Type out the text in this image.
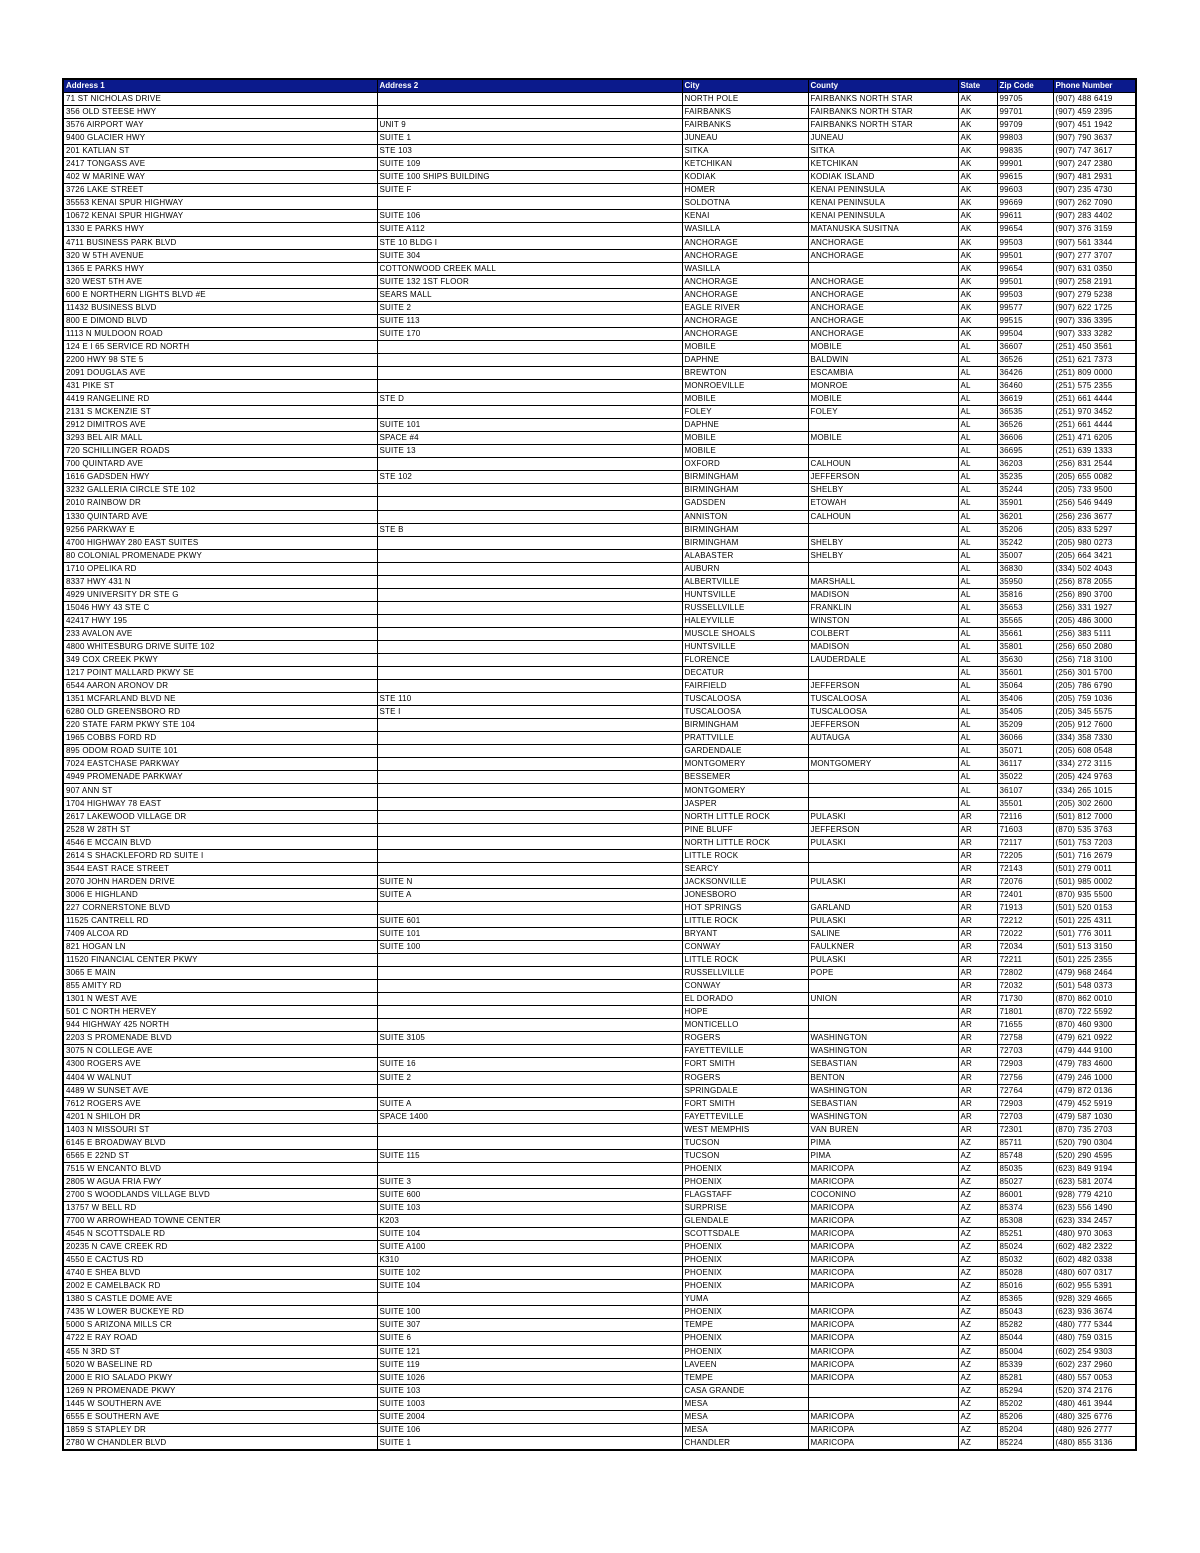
Address 1	Address 2	City	County	State	Zip Code	Phone Number
71 ST NICHOLAS DRIVE		NORTH POLE	FAIRBANKS NORTH STAR	AK	99705	(907) 488 6419
356 OLD STEESE HWY		FAIRBANKS	FAIRBANKS NORTH STAR	AK	99701	(907) 459 2395
3576 AIRPORT WAY	UNIT 9	FAIRBANKS	FAIRBANKS NORTH STAR	AK	99709	(907) 451 1942
9400 GLACIER HWY	SUITE 1	JUNEAU	JUNEAU	AK	99803	(907) 790 3637
201 KATLIAN ST	STE 103	SITKA	SITKA	AK	99835	(907) 747 3617
2417 TONGASS AVE	SUITE 109	KETCHIKAN	KETCHIKAN	AK	99901	(907) 247 2380
402 W MARINE WAY	SUITE 100 SHIPS BUILDING	KODIAK	KODIAK ISLAND	AK	99615	(907) 481 2931
3726 LAKE STREET	SUITE F	HOMER	KENAI PENINSULA	AK	99603	(907) 235 4730
35553 KENAI SPUR HIGHWAY		SOLDOTNA	KENAI PENINSULA	AK	99669	(907) 262 7090
10672 KENAI SPUR HIGHWAY	SUITE 106	KENAI	KENAI PENINSULA	AK	99611	(907) 283 4402
1330 E PARKS HWY	SUITE A112	WASILLA	MATANUSKA SUSITNA	AK	99654	(907) 376 3159
4711 BUSINESS PARK BLVD	STE 10 BLDG I	ANCHORAGE	ANCHORAGE	AK	99503	(907) 561 3344
320 W 5TH AVENUE	SUITE 304	ANCHORAGE	ANCHORAGE	AK	99501	(907) 277 3707
1365 E PARKS HWY	COTTONWOOD CREEK MALL	WASILLA		AK	99654	(907) 631 0350
320 WEST 5TH AVE	SUITE 132 1ST FLOOR	ANCHORAGE	ANCHORAGE	AK	99501	(907) 258 2191
600 E NORTHERN LIGHTS BLVD #E	SEARS MALL	ANCHORAGE	ANCHORAGE	AK	99503	(907) 279 5238
11432 BUSINESS BLVD	SUITE 2	EAGLE RIVER	ANCHORAGE	AK	99577	(907) 622 1725
800 E DIMOND BLVD	SUITE 113	ANCHORAGE	ANCHORAGE	AK	99515	(907) 336 3395
1113 N MULDOON ROAD	SUITE 170	ANCHORAGE	ANCHORAGE	AK	99504	(907) 333 3282
124 E I 65 SERVICE RD NORTH		MOBILE	MOBILE	AL	36607	(251) 450 3561
2200 HWY 98 STE 5		DAPHNE	BALDWIN	AL	36526	(251) 621 7373
2091 DOUGLAS AVE		BREWTON	ESCAMBIA	AL	36426	(251) 809 0000
431 PIKE ST		MONROEVILLE	MONROE	AL	36460	(251) 575 2355
4419 RANGELINE RD	STE D	MOBILE	MOBILE	AL	36619	(251) 661 4444
2131 S MCKENZIE ST		FOLEY	FOLEY	AL	36535	(251) 970 3452
2912 DIMITROS AVE	SUITE 101	DAPHNE		AL	36526	(251) 661 4444
3293 BEL AIR MALL	SPACE #4	MOBILE	MOBILE	AL	36606	(251) 471 6205
720 SCHILLINGER ROADS	SUITE 13	MOBILE		AL	36695	(251) 639 1333
700 QUINTARD AVE		OXFORD	CALHOUN	AL	36203	(256) 831 2544
1616 GADSDEN HWY	STE 102	BIRMINGHAM	JEFFERSON	AL	35235	(205) 655 0082
3232 GALLERIA CIRCLE STE 102		BIRMINGHAM	SHELBY	AL	35244	(205) 733 9500
2010 RAINBOW DR		GADSDEN	ETOWAH	AL	35901	(256) 546 9449
1330 QUINTARD AVE		ANNISTON	CALHOUN	AL	36201	(256) 236 3677
9256 PARKWAY E	STE B	BIRMINGHAM		AL	35206	(205) 833 5297
4700 HIGHWAY 280 EAST SUITES		BIRMINGHAM	SHELBY	AL	35242	(205) 980 0273
80 COLONIAL PROMENADE PKWY		ALABASTER	SHELBY	AL	35007	(205) 664 3421
1710 OPELIKA RD		AUBURN		AL	36830	(334) 502 4043
8337 HWY 431 N		ALBERTVILLE	MARSHALL	AL	35950	(256) 878 2055
4929 UNIVERSITY DR STE G		HUNTSVILLE	MADISON	AL	35816	(256) 890 3700
15046 HWY 43 STE C		RUSSELLVILLE	FRANKLIN	AL	35653	(256) 331 1927
42417 HWY 195		HALEYVILLE	WINSTON	AL	35565	(205) 486 3000
233 AVALON AVE		MUSCLE SHOALS	COLBERT	AL	35661	(256) 383 5111
4800 WHITESBURG DRIVE SUITE 102		HUNTSVILLE	MADISON	AL	35801	(256) 650 2080
349 COX CREEK PKWY		FLORENCE	LAUDERDALE	AL	35630	(256) 718 3100
1217 POINT MALLARD PKWY SE		DECATUR		AL	35601	(256) 301 5700
6544 AARON ARONOV DR		FAIRFIELD	JEFFERSON	AL	35064	(205) 786 6790
1351 MCFARLAND BLVD NE	STE 110	TUSCALOOSA	TUSCALOOSA	AL	35406	(205) 759 1036
6280 OLD GREENSBORO RD	STE I	TUSCALOOSA	TUSCALOOSA	AL	35405	(205) 345 5575
220 STATE FARM PKWY STE 104		BIRMINGHAM	JEFFERSON	AL	35209	(205) 912 7600
1965 COBBS FORD RD		PRATTVILLE	AUTAUGA	AL	36066	(334) 358 7330
895 ODOM ROAD SUITE 101		GARDENDALE		AL	35071	(205) 608 0548
7024 EASTCHASE PARKWAY		MONTGOMERY	MONTGOMERY	AL	36117	(334) 272 3115
4949 PROMENADE PARKWAY		BESSEMER		AL	35022	(205) 424 9763
907 ANN ST		MONTGOMERY		AL	36107	(334) 265 1015
1704 HIGHWAY 78 EAST		JASPER		AL	35501	(205) 302 2600
2617 LAKEWOOD VILLAGE DR		NORTH LITTLE ROCK	PULASKI	AR	72116	(501) 812 7000
2528 W 28TH ST		PINE BLUFF	JEFFERSON	AR	71603	(870) 535 3763
4546 E MCCAIN BLVD		NORTH LITTLE ROCK	PULASKI	AR	72117	(501) 753 7203
2614 S SHACKLEFORD RD SUITE I		LITTLE ROCK		AR	72205	(501) 716 2679
3544 EAST RACE STREET		SEARCY		AR	72143	(501) 279 0011
2070 JOHN HARDEN DRIVE	SUITE N	JACKSONVILLE	PULASKI	AR	72076	(501) 985 0002
3006 E HIGHLAND	SUITE A	JONESBORO		AR	72401	(870) 935 5500
227 CORNERSTONE BLVD		HOT SPRINGS	GARLAND	AR	71913	(501) 520 0153
11525 CANTRELL RD	SUITE 601	LITTLE ROCK	PULASKI	AR	72212	(501) 225 4311
7409 ALCOA RD	SUITE 101	BRYANT	SALINE	AR	72022	(501) 776 3011
821 HOGAN LN	SUITE 100	CONWAY	FAULKNER	AR	72034	(501) 513 3150
11520 FINANCIAL CENTER PKWY		LITTLE ROCK	PULASKI	AR	72211	(501) 225 2355
3065 E MAIN		RUSSELLVILLE	POPE	AR	72802	(479) 968 2464
855 AMITY RD		CONWAY		AR	72032	(501) 548 0373
1301 N WEST AVE		EL DORADO	UNION	AR	71730	(870) 862 0010
501 C NORTH HERVEY		HOPE		AR	71801	(870) 722 5592
944 HIGHWAY 425 NORTH		MONTICELLO		AR	71655	(870) 460 9300
2203 S PROMENADE BLVD	SUITE 3105	ROGERS	WASHINGTON	AR	72758	(479) 621 0922
3075 N COLLEGE AVE		FAYETTEVILLE	WASHINGTON	AR	72703	(479) 444 9100
4300 ROGERS AVE	SUITE 16	FORT SMITH	SEBASTIAN	AR	72903	(479) 783 4600
4404 W WALNUT	SUITE 2	ROGERS	BENTON	AR	72756	(479) 246 1000
4489 W SUNSET AVE		SPRINGDALE	WASHINGTON	AR	72764	(479) 872 0136
7612 ROGERS AVE	SUITE A	FORT SMITH	SEBASTIAN	AR	72903	(479) 452 5919
4201 N SHILOH DR	SPACE 1400	FAYETTEVILLE	WASHINGTON	AR	72703	(479) 587 1030
1403 N MISSOURI ST		WEST MEMPHIS	VAN BUREN	AR	72301	(870) 735 2703
6145 E BROADWAY BLVD		TUCSON	PIMA	AZ	85711	(520) 790 0304
6565 E 22ND ST	SUITE 115	TUCSON	PIMA	AZ	85748	(520) 290 4595
7515 W ENCANTO BLVD		PHOENIX	MARICOPA	AZ	85035	(623) 849 9194
2805 W AGUA FRIA FWY	SUITE 3	PHOENIX	MARICOPA	AZ	85027	(623) 581 2074
2700 S WOODLANDS VILLAGE BLVD	SUITE 600	FLAGSTAFF	COCONINO	AZ	86001	(928) 779 4210
13757 W BELL RD	SUITE 103	SURPRISE	MARICOPA	AZ	85374	(623) 556 1490
7700 W ARROWHEAD TOWNE CENTER	K203	GLENDALE	MARICOPA	AZ	85308	(623) 334 2457
4545 N SCOTTSDALE RD	SUITE 104	SCOTTSDALE	MARICOPA	AZ	85251	(480) 970 3063
20235 N CAVE CREEK RD	SUITE A100	PHOENIX	MARICOPA	AZ	85024	(602) 482 2322
4550 E CACTUS RD	K310	PHOENIX	MARICOPA	AZ	85032	(602) 482 0338
4740 E SHEA BLVD	SUITE 102	PHOENIX	MARICOPA	AZ	85028	(480) 607 0317
2002 E CAMELBACK RD	SUITE 104	PHOENIX	MARICOPA	AZ	85016	(602) 955 5391
1380 S CASTLE DOME AVE		YUMA		AZ	85365	(928) 329 4665
7435 W LOWER BUCKEYE RD	SUITE 100	PHOENIX	MARICOPA	AZ	85043	(623) 936 3674
5000 S ARIZONA MILLS CR	SUITE 307	TEMPE	MARICOPA	AZ	85282	(480) 777 5344
4722 E RAY ROAD	SUITE 6	PHOENIX	MARICOPA	AZ	85044	(480) 759 0315
455 N 3RD ST	SUITE 121	PHOENIX	MARICOPA	AZ	85004	(602) 254 9303
5020 W BASELINE RD	SUITE 119	LAVEEN	MARICOPA	AZ	85339	(602) 237 2960
2000 E RIO SALADO PKWY	SUITE 1026	TEMPE	MARICOPA	AZ	85281	(480) 557 0053
1269 N PROMENADE PKWY	SUITE 103	CASA GRANDE		AZ	85294	(520) 374 2176
1445 W SOUTHERN AVE	SUITE 1003	MESA		AZ	85202	(480) 461 3944
6555 E SOUTHERN AVE	SUITE 2004	MESA	MARICOPA	AZ	85206	(480) 325 6776
1859 S STAPLEY DR	SUITE 106	MESA	MARICOPA	AZ	85204	(480) 926 2777
2780 W CHANDLER BLVD	SUITE 1	CHANDLER	MARICOPA	AZ	85224	(480) 855 3136
